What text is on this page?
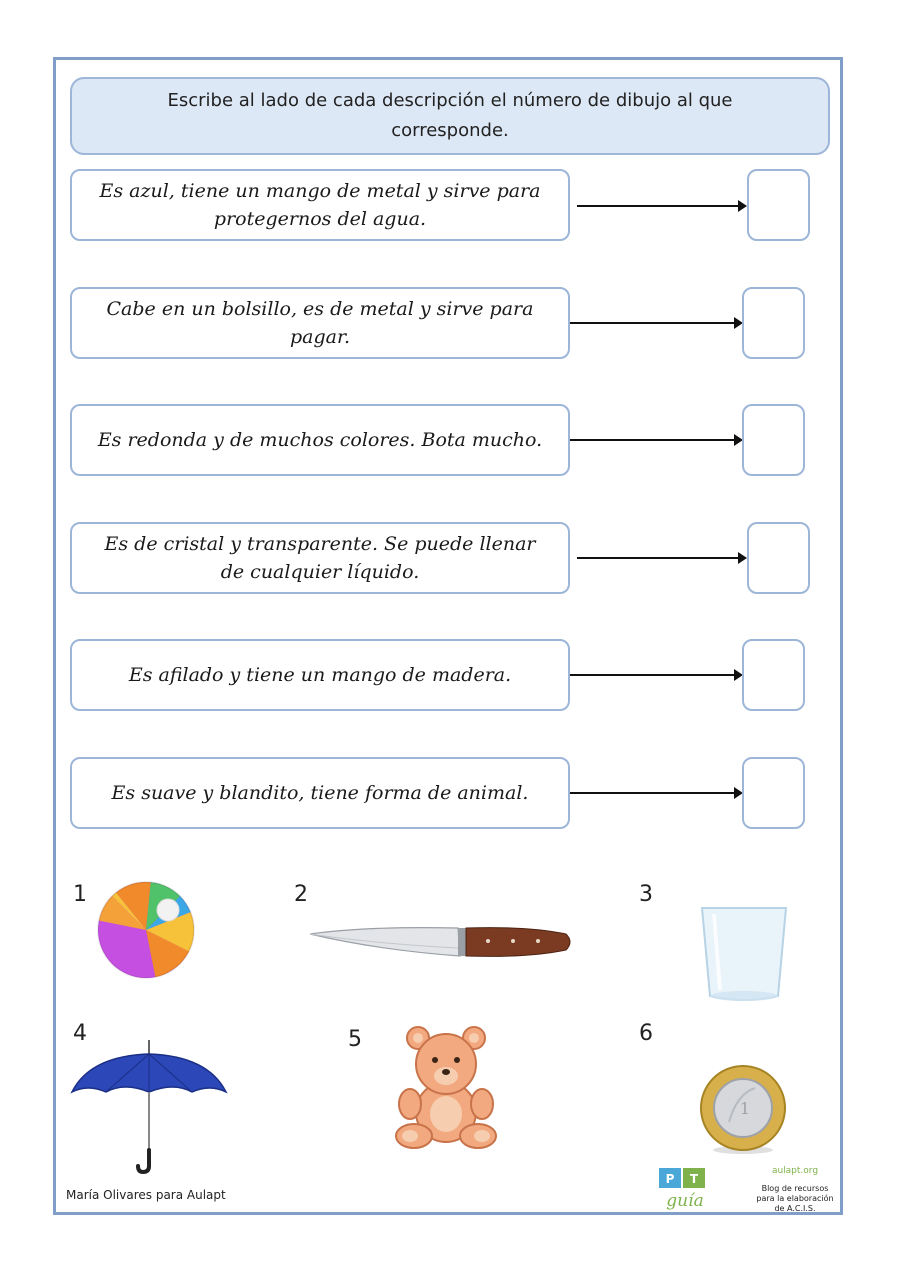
Escribe al lado de cada descripción el número de dibujo al que corresponde.
Es azul, tiene un mango de metal y sirve para protegernos del agua.
Cabe en un bolsillo, es de metal y sirve para pagar.
Es redonda y de muchos colores. Bota mucho.
Es de cristal y transparente. Se puede llenar de cualquier líquido.
Es afilado y tiene un mango de madera.
Es suave y blandito, tiene forma de animal.
1	2	3
4	5	6
1
María Olivares para Aulapt
P T
guía
aulapt.org
Blog de recursos para la elaboración de A.C.I.S.
